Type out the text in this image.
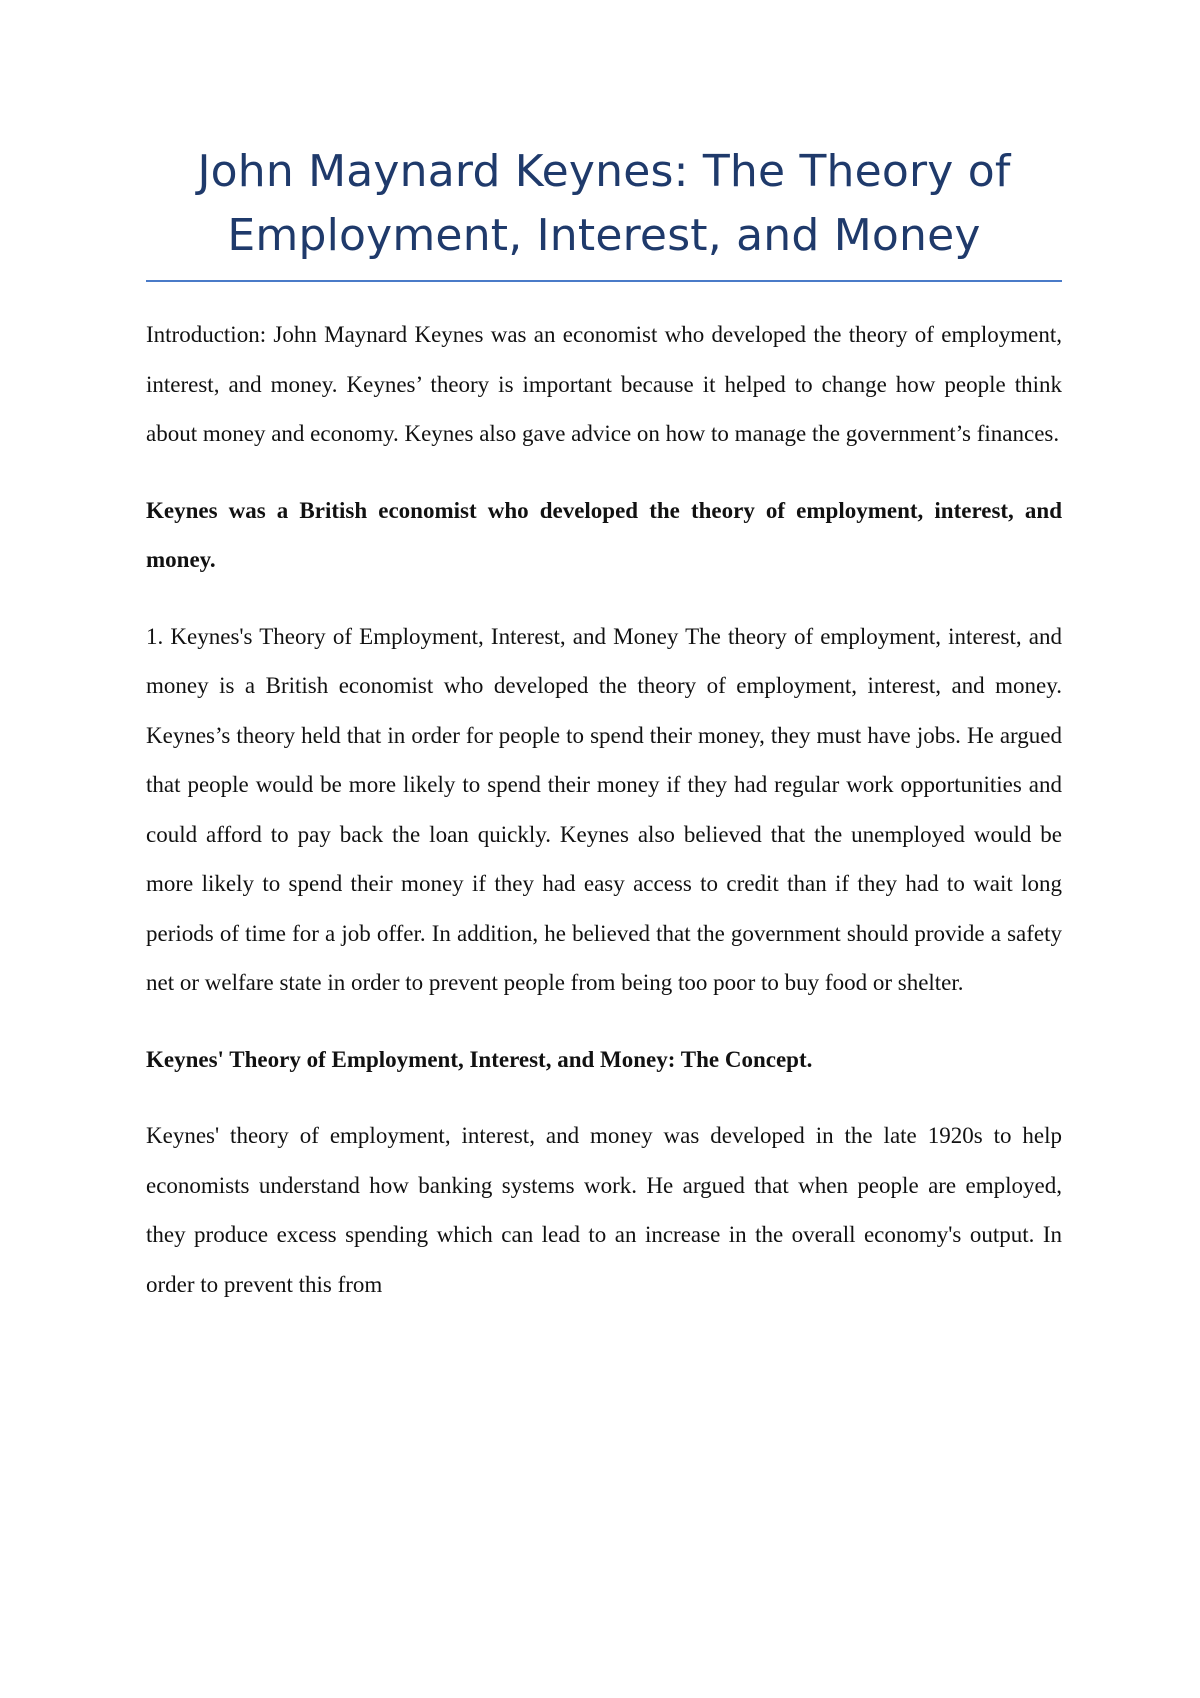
John Maynard Keynes: The Theory of Employment, Interest, and Money

Introduction: John Maynard Keynes was an economist who developed the theory of employment, interest, and money. Keynes’ theory is important because it helped to change how people think about money and economy. Keynes also gave advice on how to manage the government’s finances.

Keynes was a British economist who developed the theory of employment, interest, and money.

1. Keynes's Theory of Employment, Interest, and Money The theory of employment, interest, and money is a British economist who developed the theory of employment, interest, and money. Keynes’s theory held that in order for people to spend their money, they must have jobs. He argued that people would be more likely to spend their money if they had regular work opportunities and could afford to pay back the loan quickly. Keynes also believed that the unemployed would be more likely to spend their money if they had easy access to credit than if they had to wait long periods of time for a job offer. In addition, he believed that the government should provide a safety net or welfare state in order to prevent people from being too poor to buy food or shelter.

Keynes' Theory of Employment, Interest, and Money: The Concept.

Keynes' theory of employment, interest, and money was developed in the late 1920s to help economists understand how banking systems work. He argued that when people are employed, they produce excess spending which can lead to an increase in the overall economy's output. In order to prevent this from
